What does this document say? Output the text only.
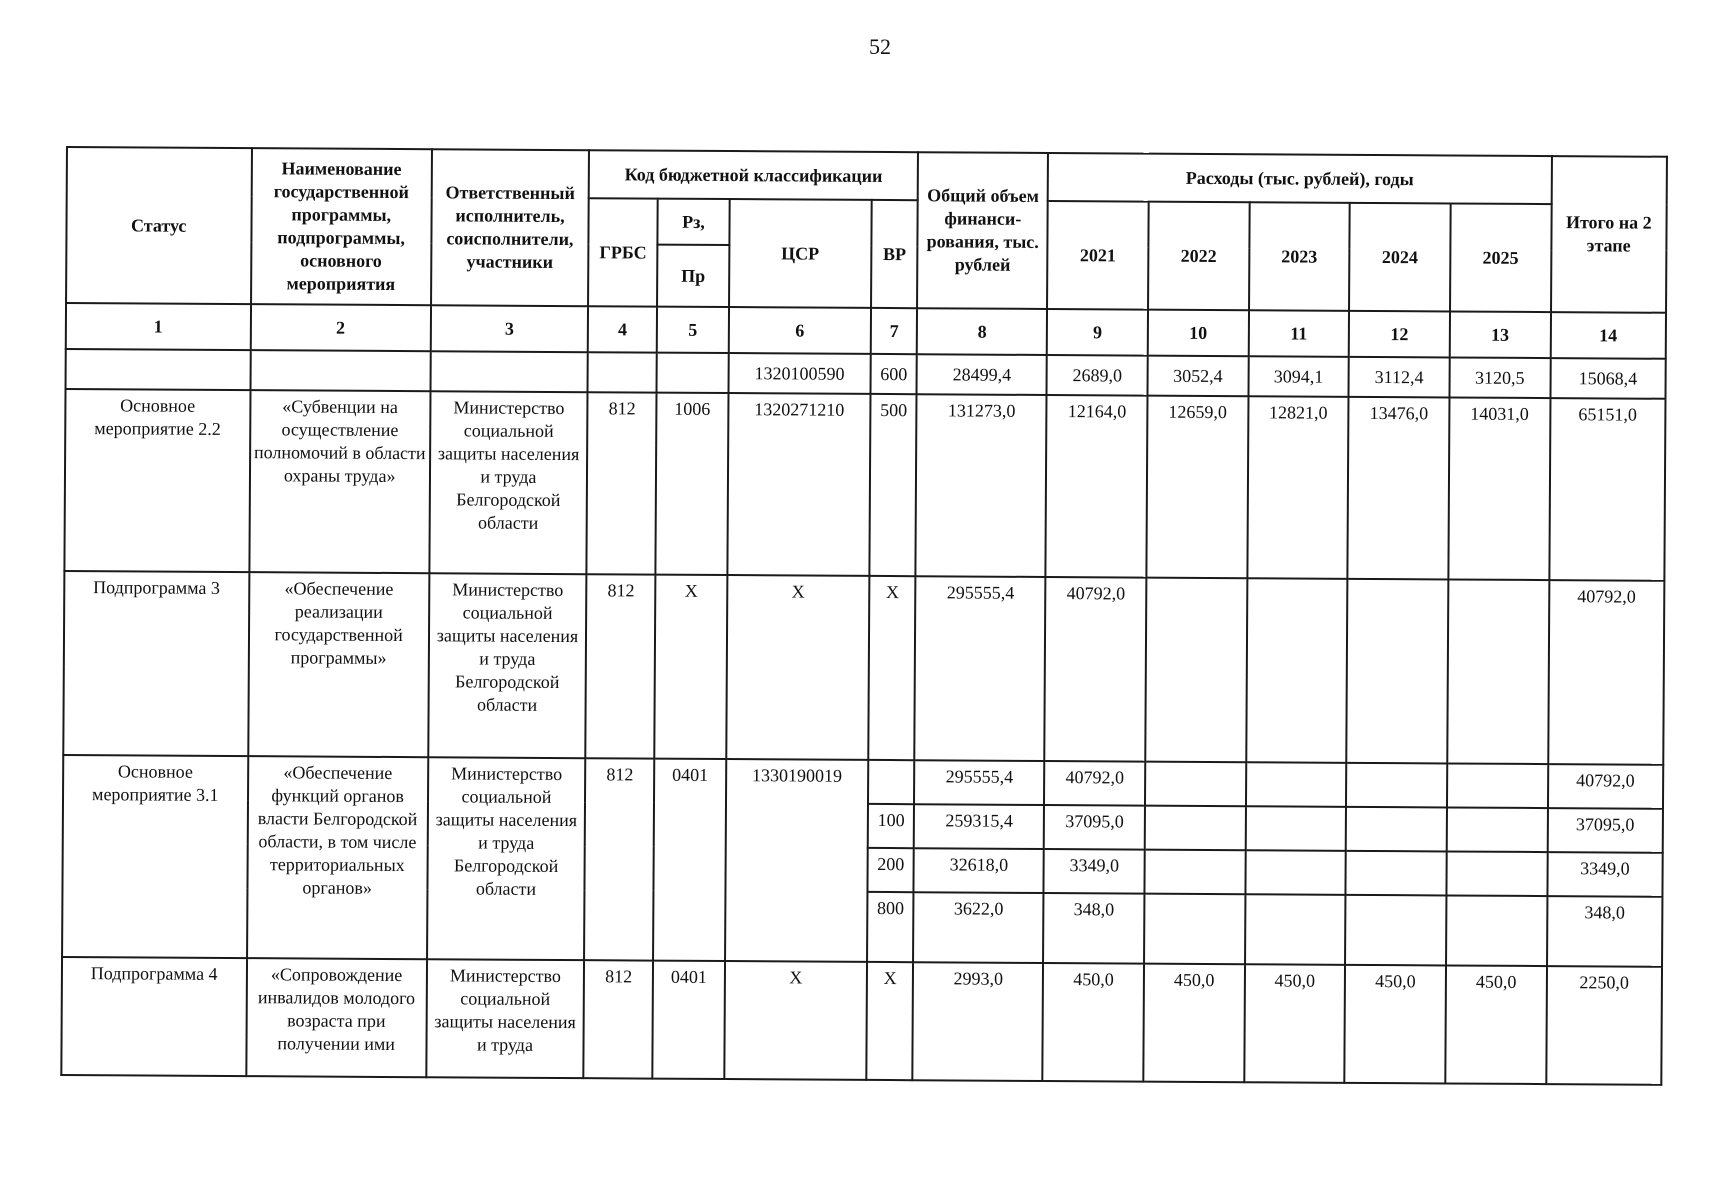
52
Статус	Наименование государственной программы, подпрограммы, основного мероприятия	Ответственный исполнитель, соисполнители, участники	Код бюджетной классификации				Общий объем финанси-рования, тыс. рублей	Расходы (тыс. рублей), годы					Итого на 2 этапе
			ГРБС	Рз,	ЦСР	ВР		2021	2022	2023	2024	2025	
				Пр									
1	2	3	4	5	6	7	8	9	10	11	12	13	14
					1320100590	600	28499,4	2689,0	3052,4	3094,1	3112,4	3120,5	15068,4
Основное мероприятие 2.2	«Субвенции на осуществление полномочий в области охраны труда»	Министерство социальной защиты населения и труда Белгородской области	812	1006	1320271210	500	131273,0	12164,0	12659,0	12821,0	13476,0	14031,0	65151,0
Подпрограмма 3	«Обеспечение реализации государственной программы»	Министерство социальной защиты населения и труда Белгородской области	812	Х	Х	Х	295555,4	40792,0					40792,0
Основное мероприятие 3.1	«Обеспечение функций органов власти Белгородской области, в том числе территориальных органов»	Министерство социальной защиты населения и труда Белгородской области	812	0401	1330190019		295555,4	40792,0					40792,0
						100	259315,4	37095,0					37095,0
						200	32618,0	3349,0					3349,0
						800	3622,0	348,0					348,0
Подпрограмма 4	«Сопровождение инвалидов молодого возраста при получении ими	Министерство социальной защиты населения и труда	812	0401	Х	Х	2993,0	450,0	450,0	450,0	450,0	450,0	2250,0
